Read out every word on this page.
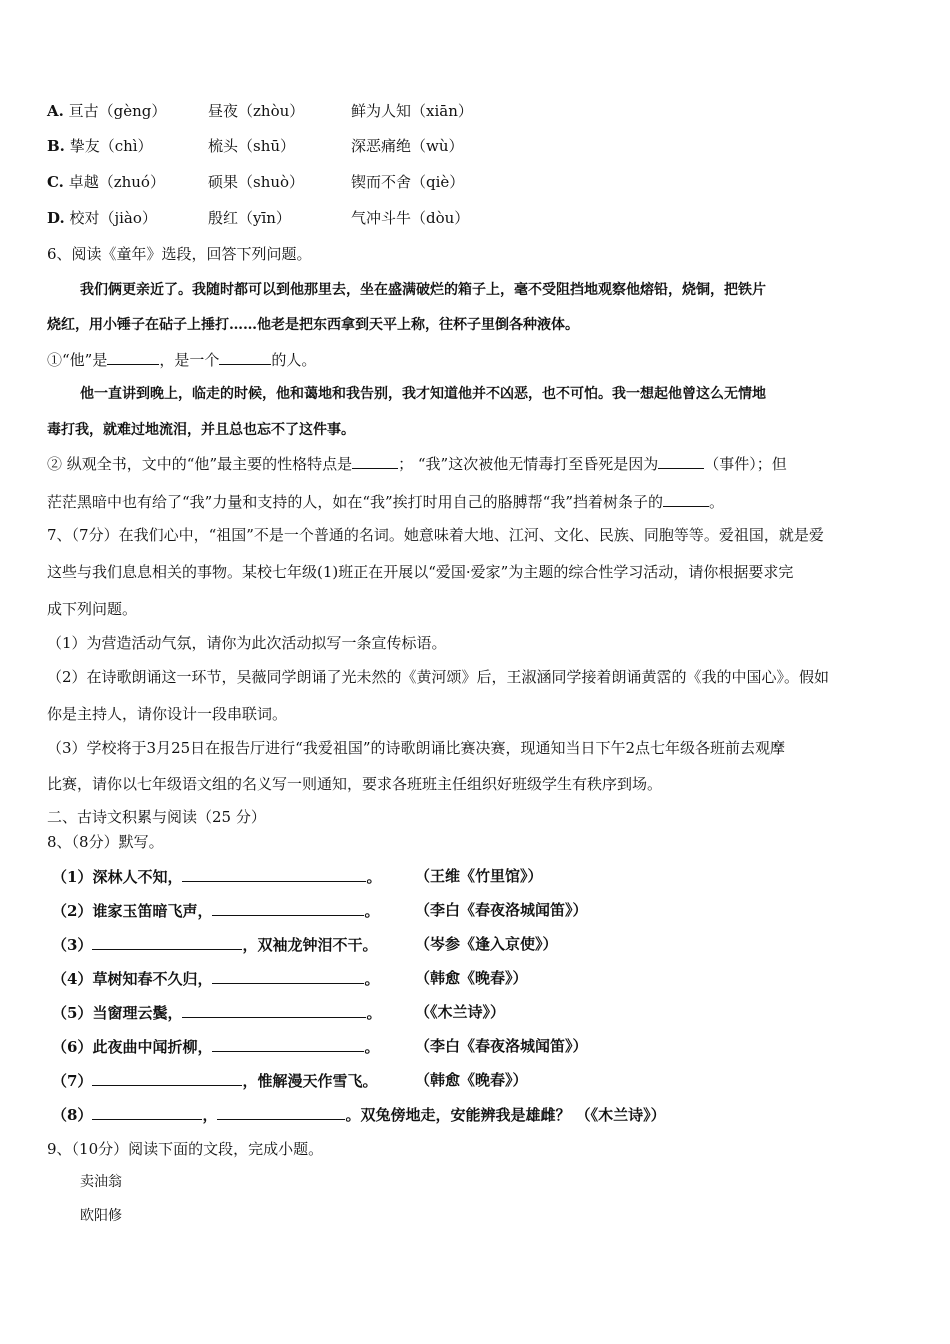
A. 亘古（gèng）	昼夜（zhòu）	鲜为人知（xiān）
B. 挚友（chì）	梳头（shū）	深恶痛绝（wù）
C. 卓越（zhuó）	硕果（shuò）	锲而不舍（qiè）
D. 校对（jiào）	殷红（yīn）	气冲斗牛（dòu）
6、阅读《童年》选段，回答下列问题。
我们俩更亲近了。我随时都可以到他那里去，坐在盛满破烂的箱子上，毫不受阻挡地观察他熔铅，烧铜，把铁片
烧红，用小锤子在砧子上捶打……他老是把东西拿到天平上称，往杯子里倒各种液体。
①“他”是	，是一个	的人。
他一直讲到晚上，临走的时候，他和蔼地和我告别，我才知道他并不凶恶，也不可怕。我一想起他曾这么无情地
毒打我，就难过地流泪，并且总也忘不了这件事。
② 纵观全书，文中的“他”最主要的性格特点是	； “我”这次被他无情毒打至昏死是因为	（事件）；但
茫茫黑暗中也有给了“我”力量和支持的人，如在“我”挨打时用自己的胳膊帮“我”挡着树条子的	。
7、（7分）在我们心中，“祖国”不是一个普通的名词。她意味着大地、江河、文化、民族、同胞等等。爱祖国，就是爱
这些与我们息息相关的事物。某校七年级(1)班正在开展以“爱国·爱家”为主题的综合性学习活动，请你根据要求完
成下列问题。
（1）为营造活动气氛，请你为此次活动拟写一条宣传标语。
（2）在诗歌朗诵这一环节，吴薇同学朗诵了光未然的《黄河颂》后，王淑涵同学接着朗诵黄霑的《我的中国心》。假如
你是主持人，请你设计一段串联词。
（3）学校将于3月25日在报告厅进行“我爱祖国”的诗歌朗诵比赛决赛，现通知当日下午2点七年级各班前去观摩
比赛，请你以七年级语文组的名义写一则通知，要求各班班主任组织好班级学生有秩序到场。
二、古诗文积累与阅读（25 分）
8、（8分）默写。
（1）深林人不知，	。 （王维《竹里馆》）
（2）谁家玉笛暗飞声，	。 （李白《春夜洛城闻笛》）
（3）	，双袖龙钟泪不干。	（岑参《逢入京使》）
（4）草树知春不久归，	。 （韩愈《晚春》）
（5）当窗理云鬓，	。 （《木兰诗》）
（6）此夜曲中闻折柳，	。 （李白《春夜洛城闻笛》）
（7）	，惟解漫天作雪飞。	（韩愈《晚春》）
（8）	，	。双兔傍地走，安能辨我是雄雌？ （《木兰诗》）
9、（10分）阅读下面的文段，完成小题。
卖油翁
欧阳修
